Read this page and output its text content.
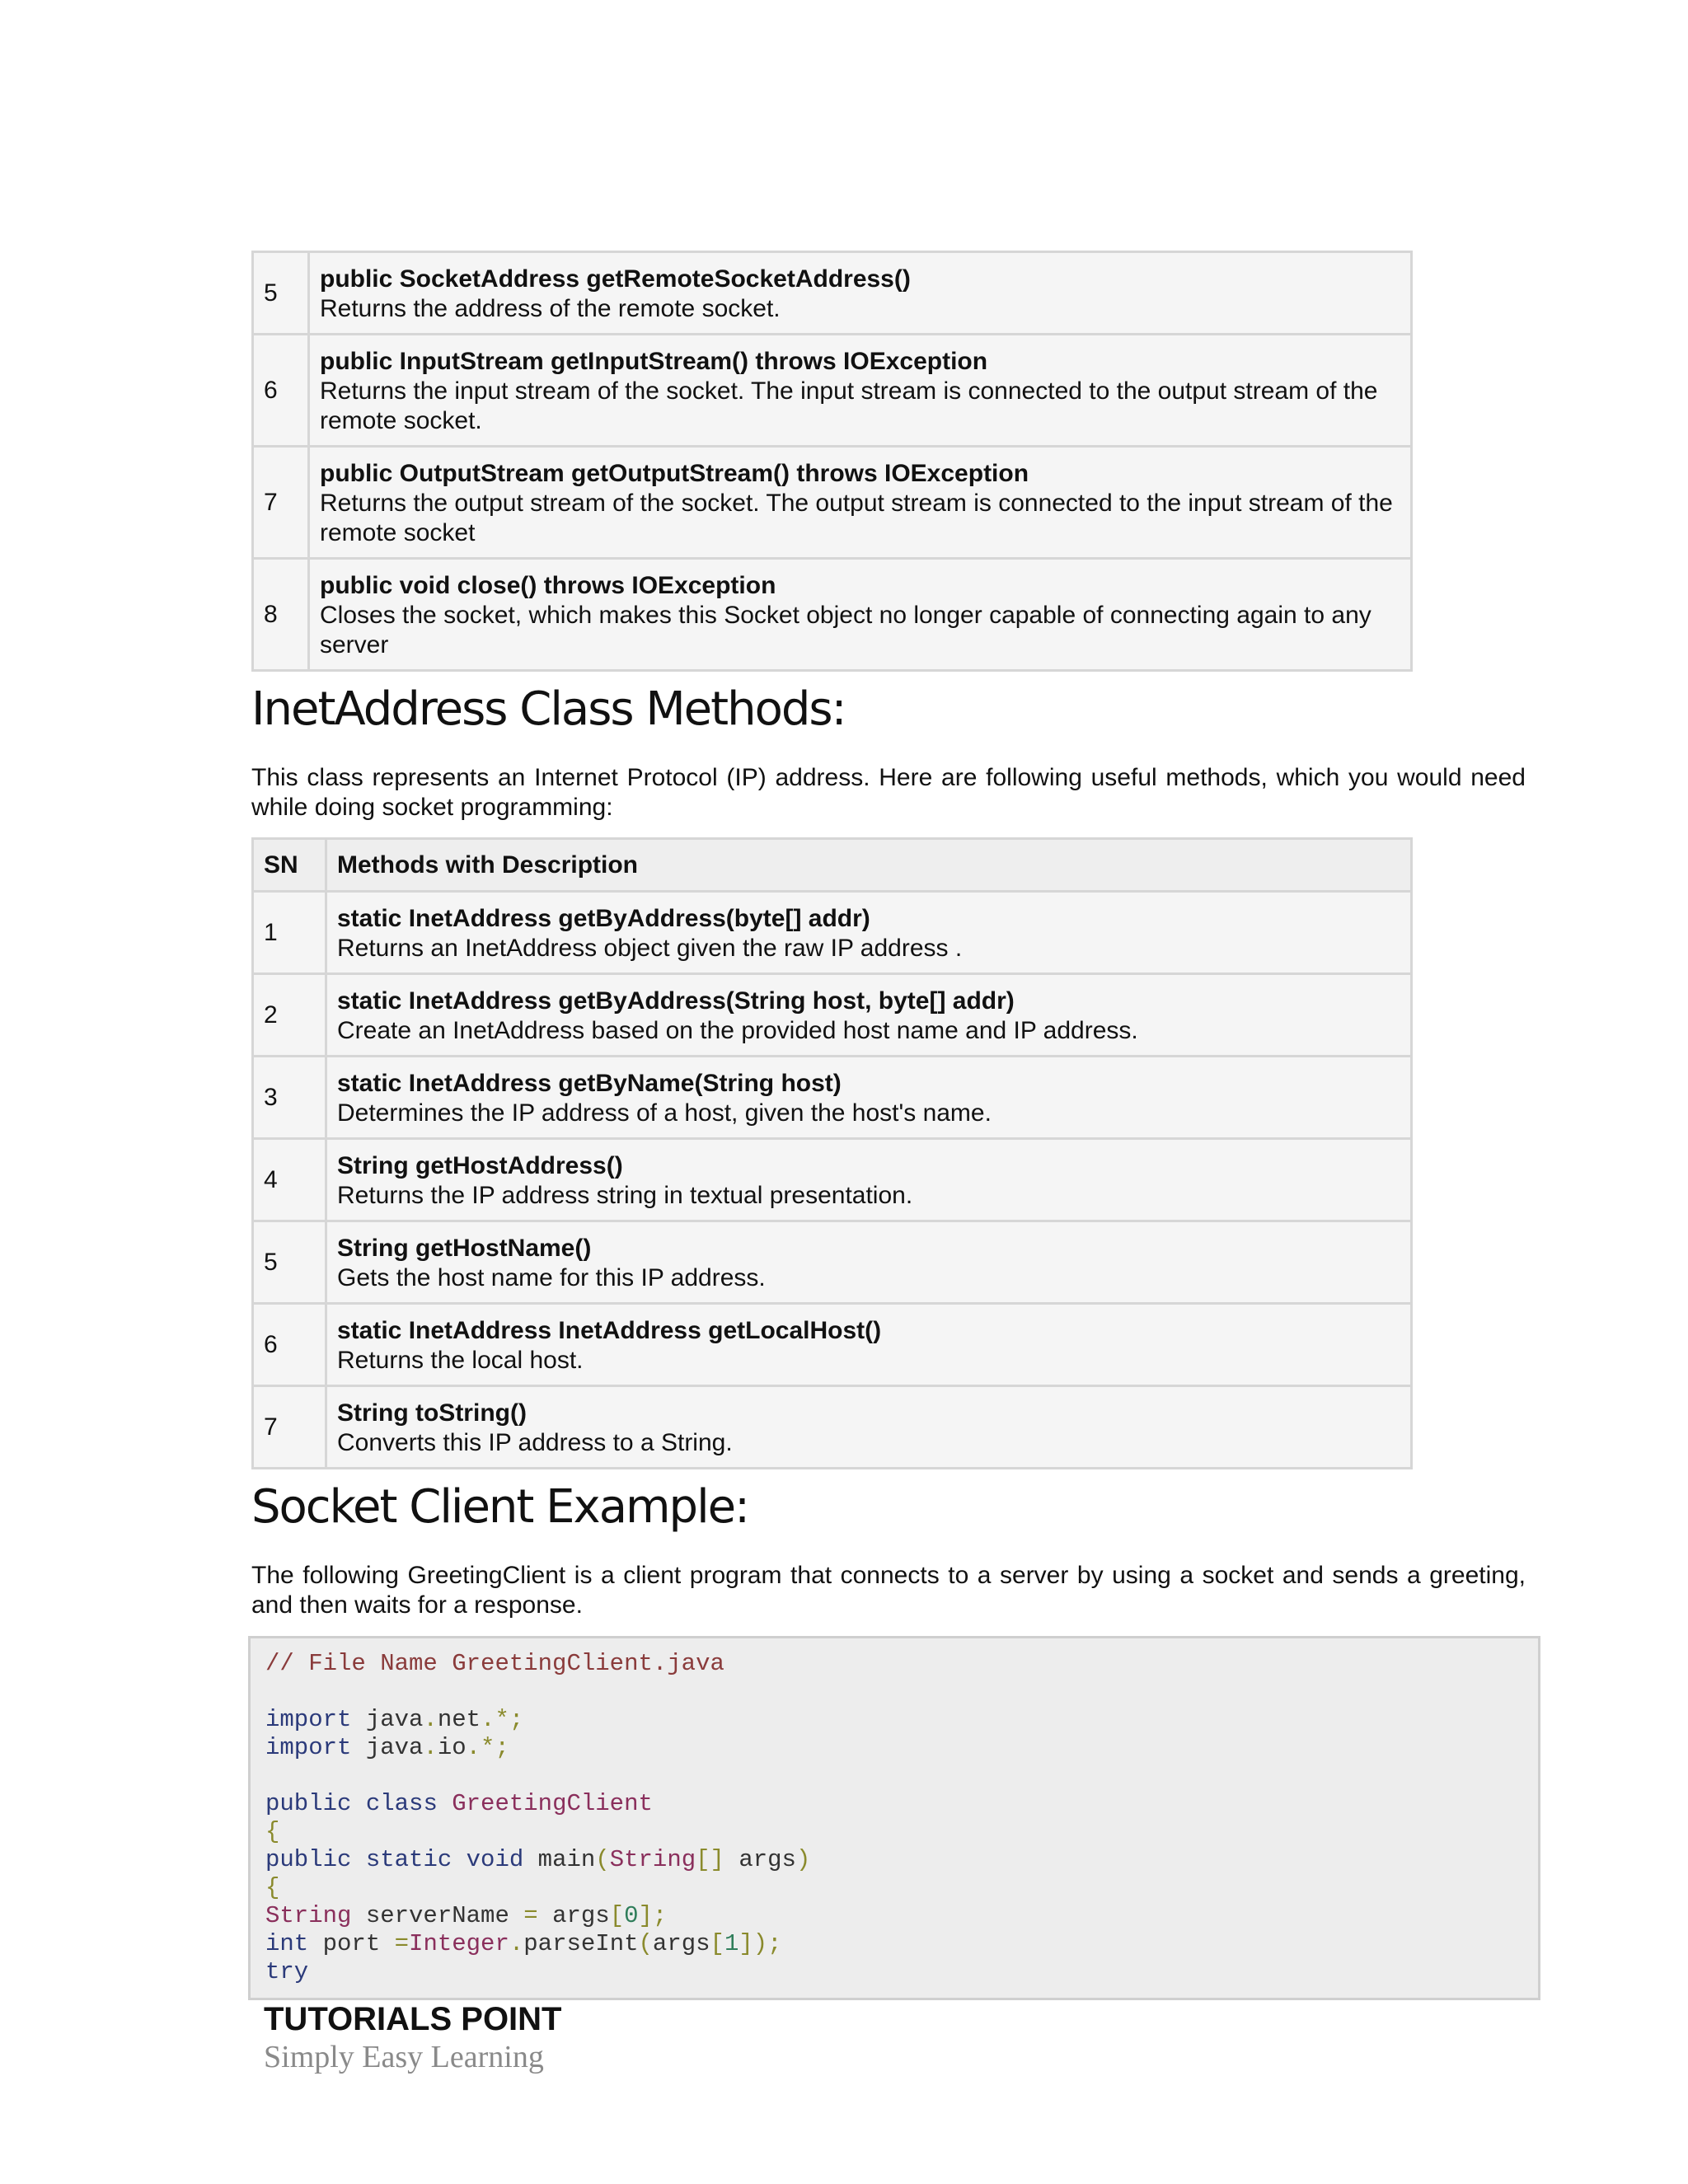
5	public SocketAddress getRemoteSocketAddress()
Returns the address of the remote socket.
6	public InputStream getInputStream() throws IOException
Returns the input stream of the socket. The input stream is connected to the output stream of the remote socket.
7	public OutputStream getOutputStream() throws IOException
Returns the output stream of the socket. The output stream is connected to the input stream of the remote socket
8	public void close() throws IOException
Closes the socket, which makes this Socket object no longer capable of connecting again to any server
InetAddress Class Methods:

This class represents an Internet Protocol (IP) address. Here are following useful methods, which you would need while doing socket programming:

SN	Methods with Description
1	static InetAddress getByAddress(byte[] addr)
Returns an InetAddress object given the raw IP address .
2	static InetAddress getByAddress(String host, byte[] addr)
Create an InetAddress based on the provided host name and IP address.
3	static InetAddress getByName(String host)
Determines the IP address of a host, given the host's name.
4	String getHostAddress()
Returns the IP address string in textual presentation.
5	String getHostName()
Gets the host name for this IP address.
6	static InetAddress InetAddress getLocalHost()
Returns the local host.
7	String toString()
Converts this IP address to a String.
Socket Client Example:

The following GreetingClient is a client program that connects to a server by using a socket and sends a greeting, and then waits for a response.

// File Name GreetingClient.java
import java.net.*;
import java.io.*;
public class GreetingClient
{
public static void main(String[] args)
{
String serverName = args[0];
int port =Integer.parseInt(args[1]);
try
TUTORIALS POINT
Simply Easy Learning
